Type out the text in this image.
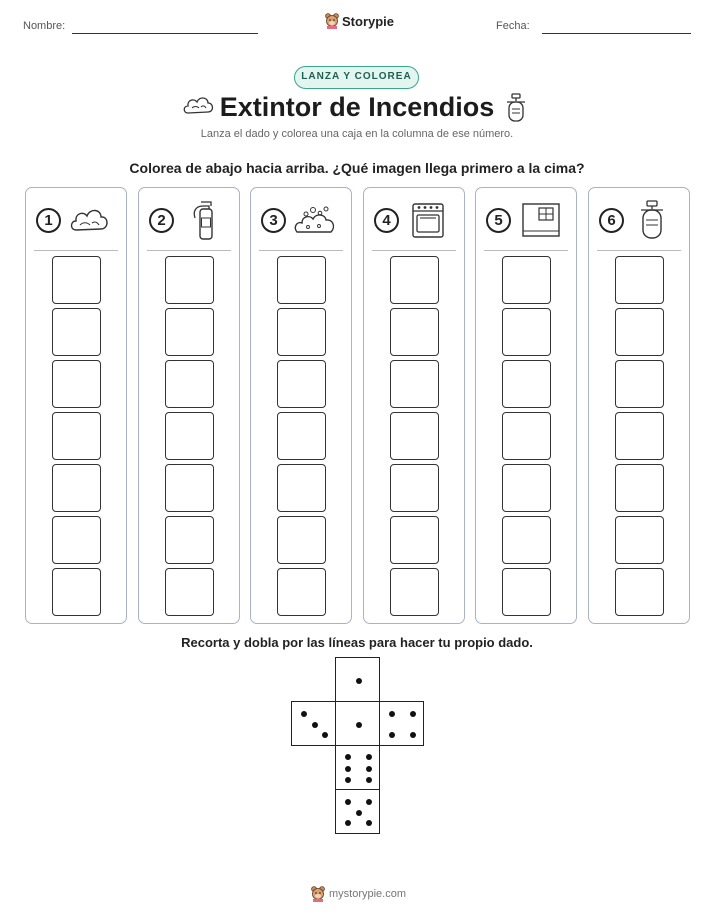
Nombre:	Storypie	Fecha:
LANZA Y COLOREA
Extintor de Incendios
Lanza el dado y colorea una caja en la columna de ese número.
Colorea de abajo hacia arriba. ¿Qué imagen llega primero a la cima?
1	2	3	4	5	6
Recorta y dobla por las líneas para hacer tu propio dado.
mystorypie.com
